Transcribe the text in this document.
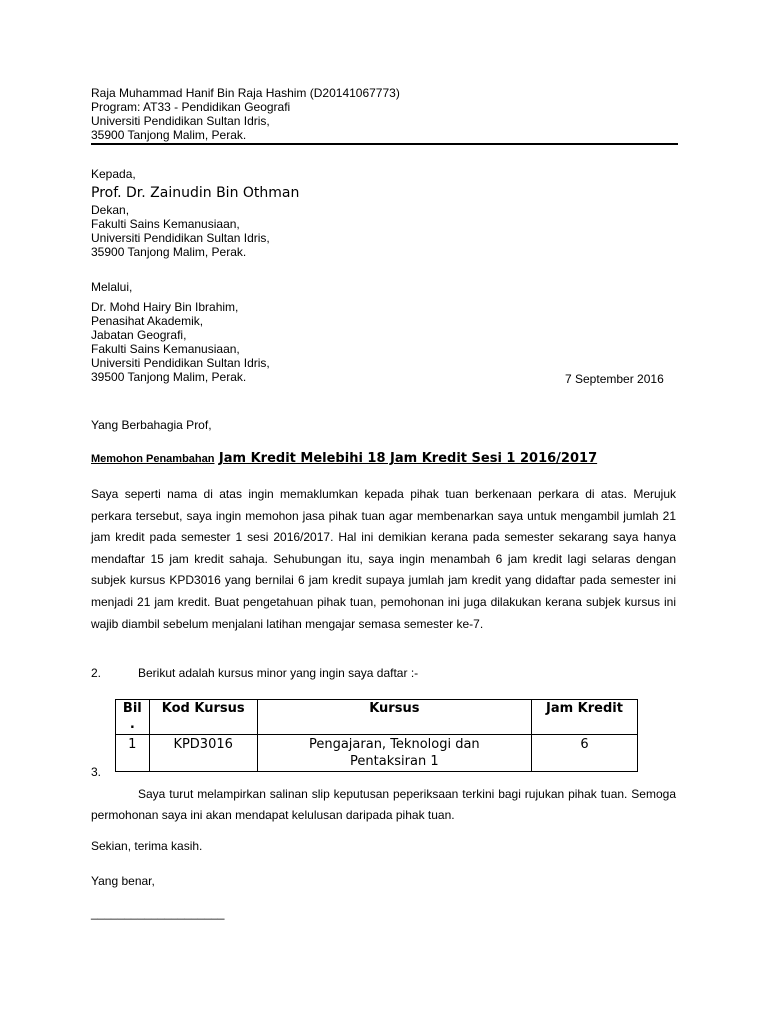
Raja Muhammad Hanif Bin Raja Hashim (D20141067773)
Program: AT33 - Pendidikan Geografi
Universiti Pendidikan Sultan Idris,
35900 Tanjong Malim, Perak.
Kepada,
Prof. Dr. Zainudin Bin Othman
Dekan,
Fakulti Sains Kemanusiaan,
Universiti Pendidikan Sultan Idris,
35900 Tanjong Malim, Perak.
Melalui,
Dr. Mohd Hairy Bin Ibrahim,
Penasihat Akademik,
Jabatan Geografi,
Fakulti Sains Kemanusiaan,
Universiti Pendidikan Sultan Idris,
39500 Tanjong Malim, Perak.	7 September 2016
Yang Berbahagia Prof,
Memohon Penambahan Jam Kredit Melebihi 18 Jam Kredit Sesi 1 2016/2017
Saya seperti nama di atas ingin memaklumkan kepada pihak tuan berkenaan perkara di atas. Merujuk perkara tersebut, saya ingin memohon jasa pihak tuan agar membenarkan saya untuk mengambil jumlah 21 jam kredit pada semester 1 sesi 2016/2017. Hal ini demikian kerana pada semester sekarang saya hanya mendaftar 15 jam kredit sahaja. Sehubungan itu, saya ingin menambah 6 jam kredit lagi selaras dengan subjek kursus KPD3016 yang bernilai 6 jam kredit supaya jumlah jam kredit yang didaftar pada semester ini menjadi 21 jam kredit. Buat pengetahuan pihak tuan, pemohonan ini juga dilakukan kerana subjek kursus ini wajib diambil sebelum menjalani latihan mengajar semasa semester ke-7.
2.	Berikut adalah kursus minor yang ingin saya daftar :-
Bil .	Kod Kursus	Kursus	Jam Kredit
1	KPD3016	Pengajaran, Teknologi dan Pentaksiran 1	6
3.
Saya turut melampirkan salinan slip keputusan peperiksaan terkini bagi rujukan pihak tuan. Semoga permohonan saya ini akan mendapat kelulusan daripada pihak tuan.
Sekian, terima kasih.
Yang benar,
____________________
